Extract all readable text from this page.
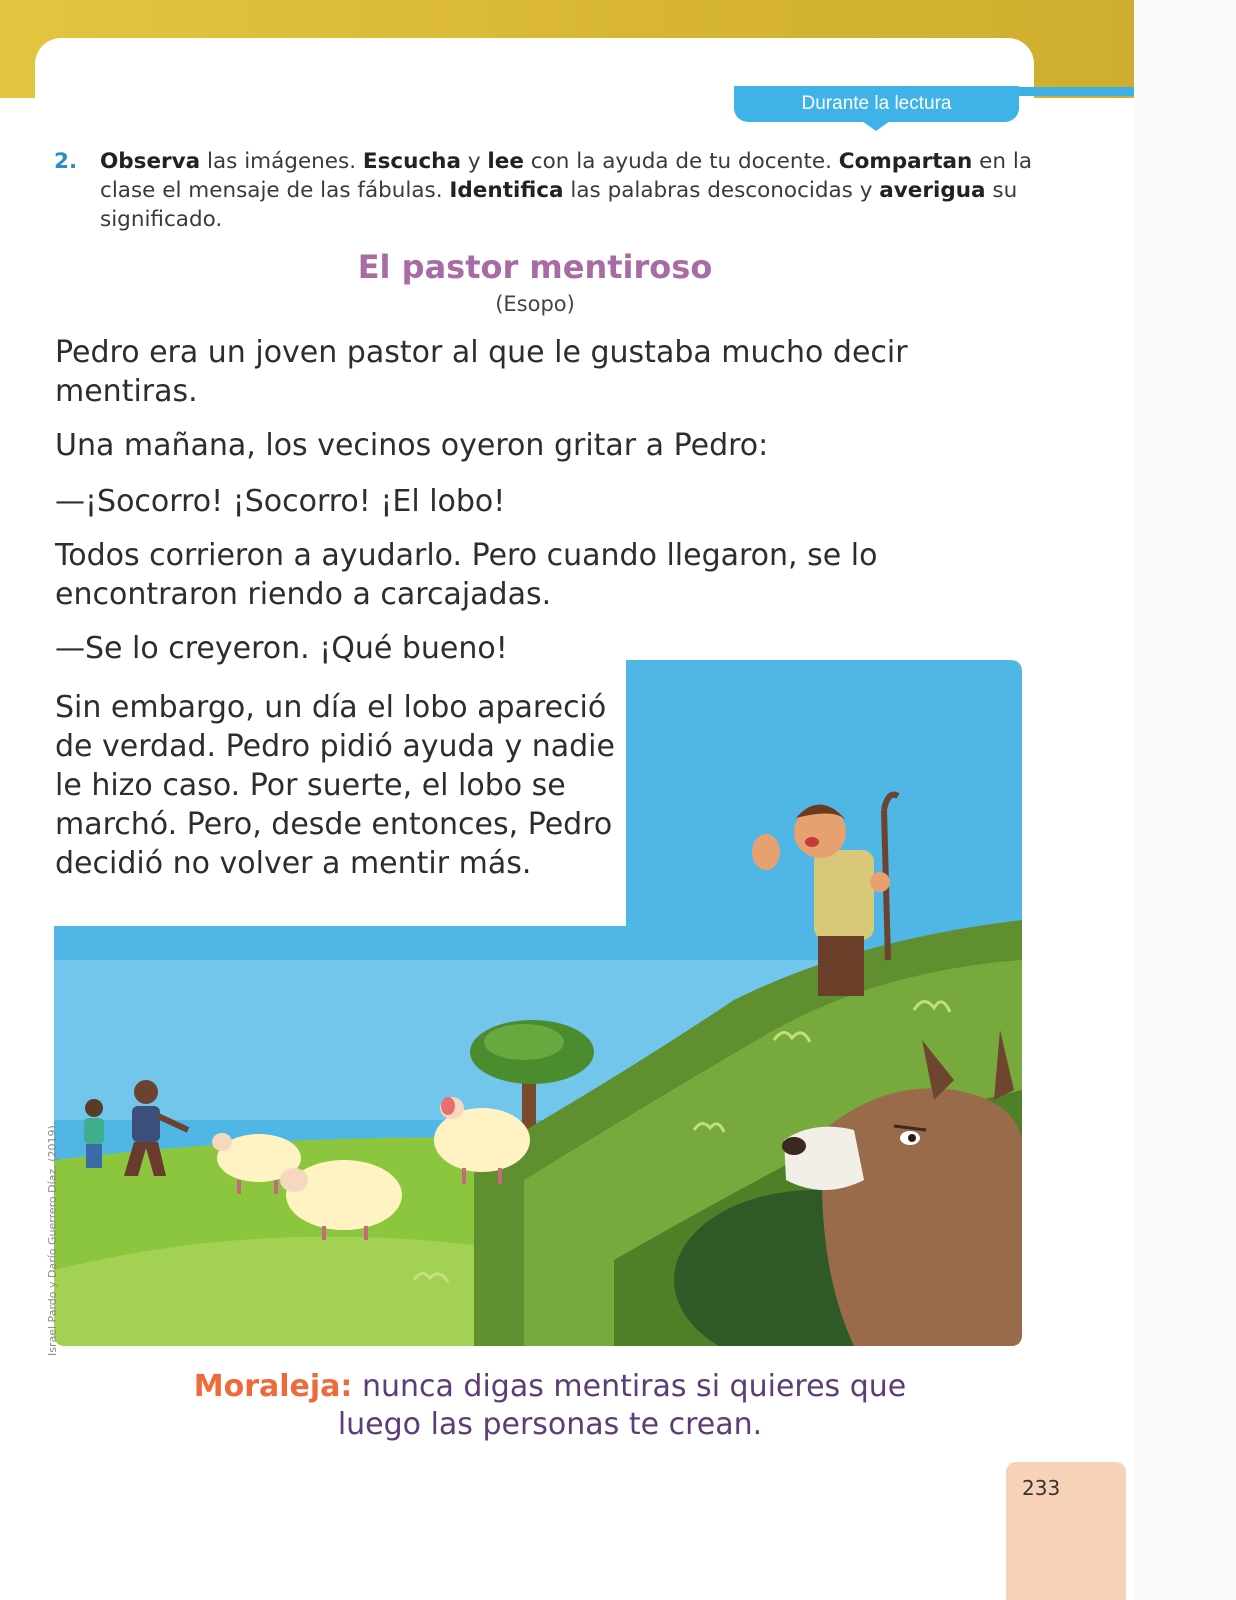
Durante la lectura
2. Observa las imágenes. Escucha y lee con la ayuda de tu docente. Compartan en la clase el mensaje de las fábulas. Identifica las palabras desconocidas y averigua su significado.
El pastor mentiroso
(Esopo)

Pedro era un joven pastor al que le gustaba mucho decir mentiras.

Una mañana, los vecinos oyeron gritar a Pedro:

—¡Socorro! ¡Socorro! ¡El lobo!

Todos corrieron a ayudarlo. Pero cuando llegaron, se lo encontraron riendo a carcajadas.

—Se lo creyeron. ¡Qué bueno!

Sin embargo, un día el lobo apareció de verdad. Pedro pidió ayuda y nadie le hizo caso. Por suerte, el lobo se marchó. Pero, desde entonces, Pedro decidió no volver a mentir más.

Israel Pardo y Darío Guerrero Díaz, (2019).
Moraleja: nunca digas mentiras si quieres que luego las personas te crean.
233
